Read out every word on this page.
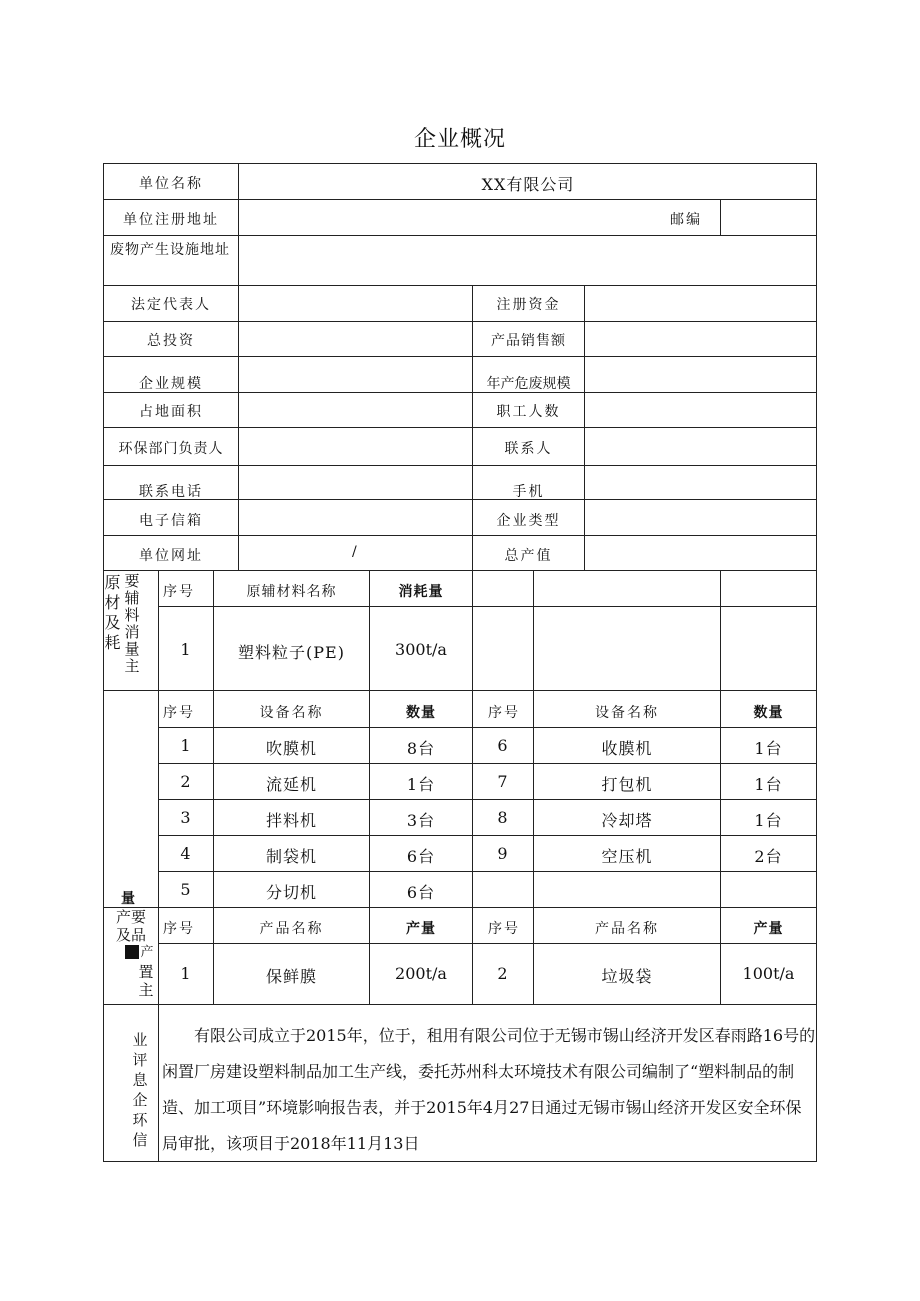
企业概况
单位名称	XX有限公司
单位注册地址	邮编
废物产生设施地址
法定代表人	注册资金
总投资	产品销售额
企业规模	年产危废规模
占地面积	职工人数
环保部门负责人	联系人
联系电话	手机
电子信箱	企业类型
单位网址	/	总产值
原材及耗
要辅料消量主
序号	原辅材料名称	消耗量
1	塑料粒子(PE)	300t/a
量
序号	设备名称	数量	序号	设备名称	数量
1	吹膜机	8台	6	收膜机	1台
2	流延机	1台	7	打包机	1台
3	拌料机	3台	8	冷却塔	1台
4	制袋机	6台	9	空压机	2台
5	分切机	6台
产要
及品
产
置
主
序号	产品名称	产量	序号	产品名称	产量
1	保鲜膜	200t/a	2	垃圾袋	100t/a
业评息企环信

有限公司成立于2015年，位于，租用有限公司位于无锡市锡山经济开发区春雨路16号的闲置厂房建设塑料制品加工生产线，委托苏州科太环境技术有限公司编制了“塑料制品的制造、加工项目”环境影响报告表，并于2015年4月27日通过无锡市锡山经济开发区安全环保局审批，该项目于2018年11月13日
